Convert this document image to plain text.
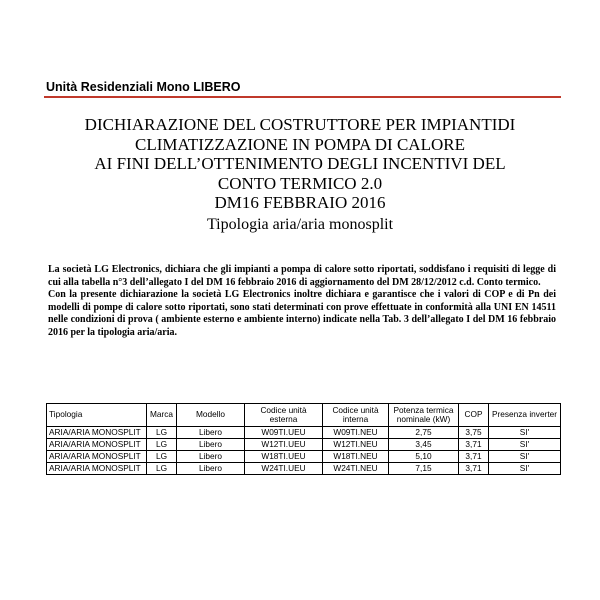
Unità Residenziali Mono LIBERO
DICHIARAZIONE DEL COSTRUTTORE PER IMPIANTIDI
CLIMATIZZAZIONE IN POMPA DI CALORE
AI FINI DELL’OTTENIMENTO DEGLI INCENTIVI DEL
CONTO TERMICO 2.0
DM16 FEBBRAIO 2016
Tipologia aria/aria monosplit

La società LG Electronics, dichiara che gli impianti a pompa di calore sotto riportati, soddisfano i requisiti di legge di cui alla tabella n°3 dell’allegato I del DM 16 febbraio 2016 di aggiornamento del DM 28/12/2012 c.d. Conto termico.

Con la presente dichiarazione la società LG Electronics inoltre dichiara e garantisce che i valori di COP e di Pn dei modelli di pompe di calore sotto riportati, sono stati determinati con prove effettuate in conformità alla UNI EN 14511 nelle condizioni di prova ( ambiente esterno e ambiente interno) indicate nella Tab. 3 dell’allegato I del DM 16 febbraio 2016 per la tipologia aria/aria.

Tipologia	Marca	Modello	Codice unità esterna	Codice unità interna	Potenza termica nominale (kW)	COP	Presenza inverter
ARIA/ARIA MONOSPLIT	LG	Libero	W09TI.UEU	W09TI.NEU	2,75	3,75	SI'
ARIA/ARIA MONOSPLIT	LG	Libero	W12TI.UEU	W12TI.NEU	3,45	3,71	SI'
ARIA/ARIA MONOSPLIT	LG	Libero	W18TI.UEU	W18TI.NEU	5,10	3,71	SI'
ARIA/ARIA MONOSPLIT	LG	Libero	W24TI.UEU	W24TI.NEU	7,15	3,71	SI'
